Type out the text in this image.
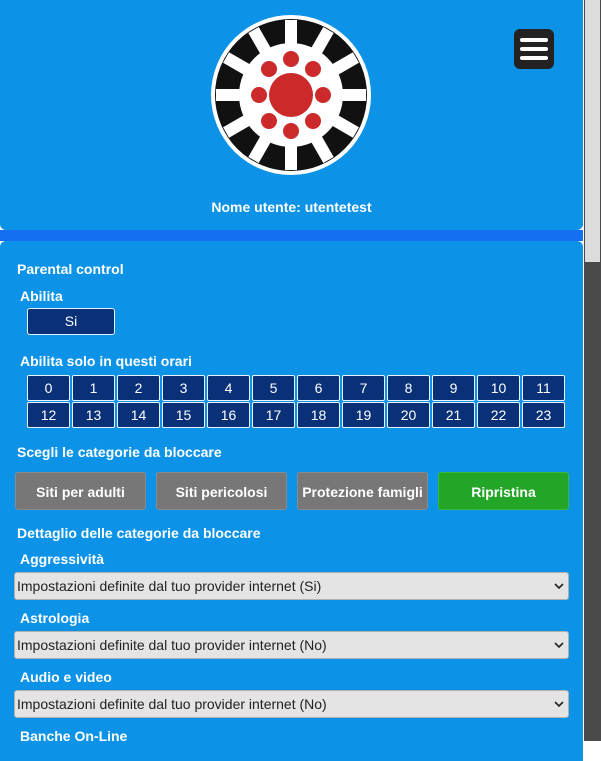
Nome utente: utentetest
Parental control
Abilita
Si
Abilita solo in questi orari
0	1	2	3	4	5	6	7	8	9	10	11
12	13	14	15	16	17	18	19	20	21	22	23
Scegli le categorie da bloccare
Siti per adulti	Siti pericolosi	Protezione famigli	Ripristina
Dettaglio delle categorie da bloccare
Aggressività
Impostazioni definite dal tuo provider internet (Si)
Astrologia
Impostazioni definite dal tuo provider internet (No)
Audio e video
Impostazioni definite dal tuo provider internet (No)
Banche On-Line
